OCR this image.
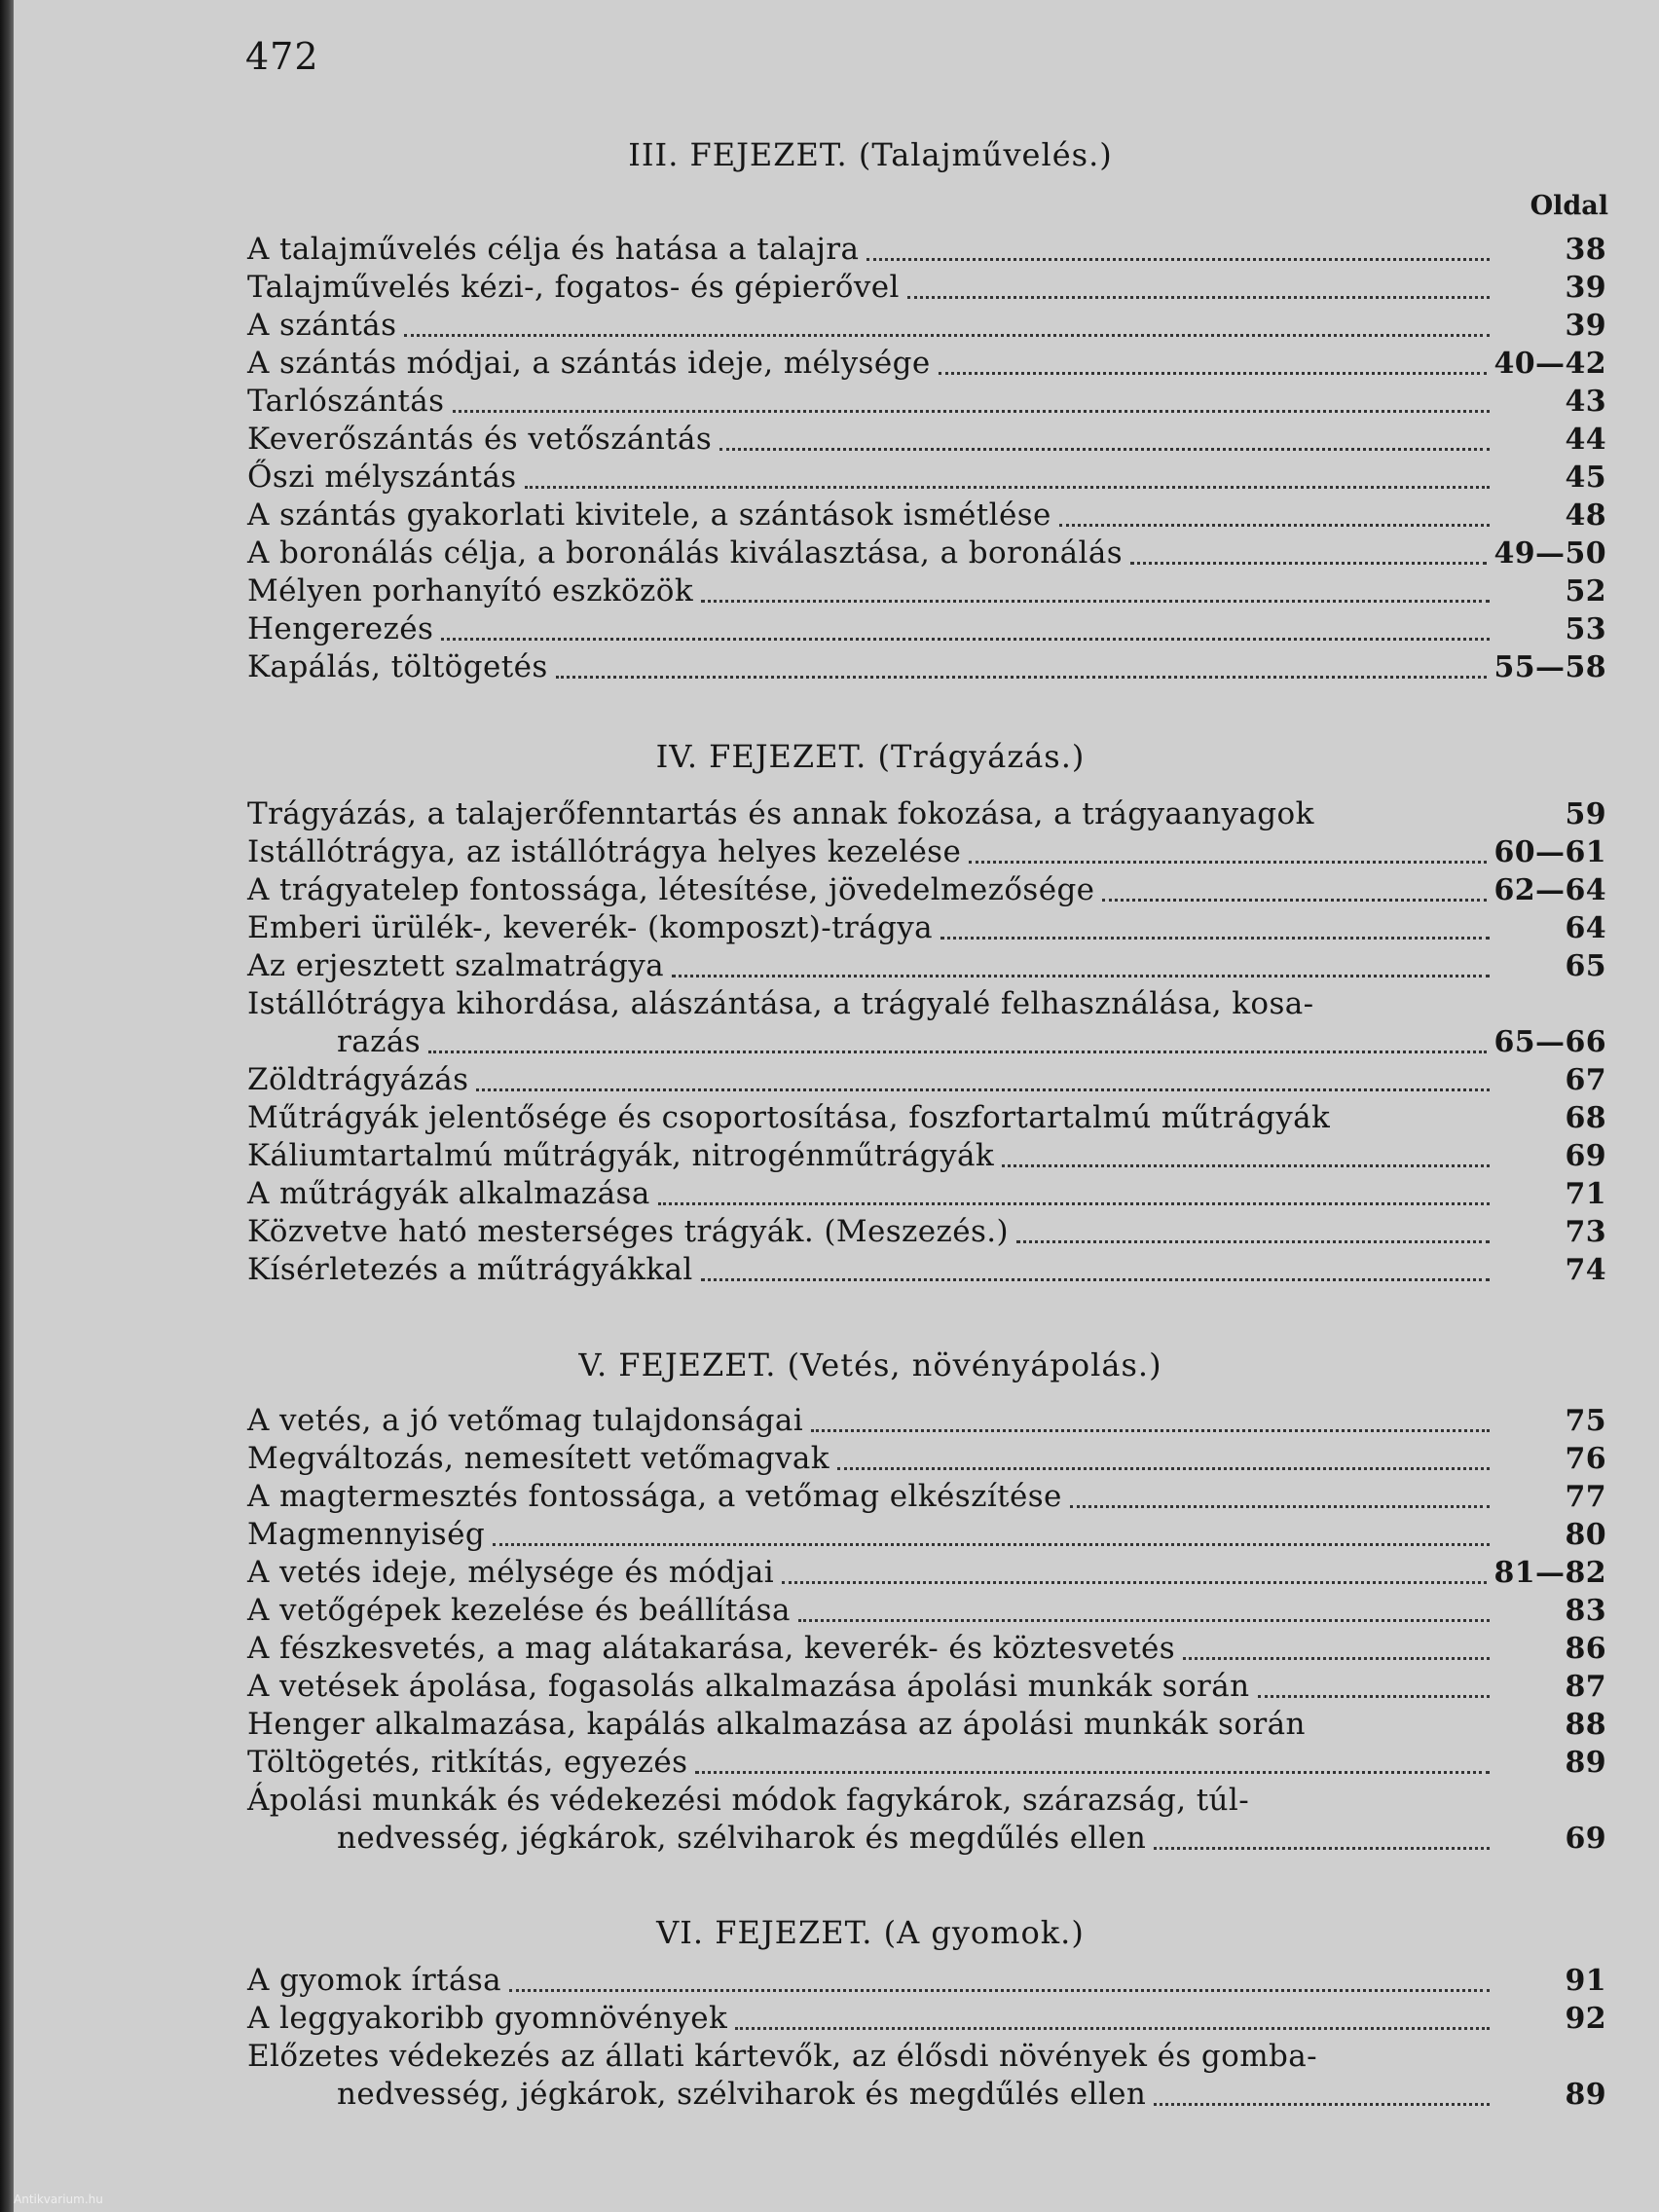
472
Oldal
III. FEJEZET. (Talajművelés.)
A talajművelés célja és hatása a talajra	38
Talajművelés kézi-, fogatos- és gépierővel	39
A szántás	39
A szántás módjai, a szántás ideje, mélysége	40—42
Tarlószántás	43
Keverőszántás és vetőszántás	44
Őszi mélyszántás	45
A szántás gyakorlati kivitele, a szántások ismétlése	48
A boronálás célja, a boronálás kiválasztása, a boronálás	49—50
Mélyen porhanyító eszközök	52
Hengerezés	53
Kapálás, töltögetés	55—58
IV. FEJEZET. (Trágyázás.)
Trágyázás, a talajerőfenntartás és annak fokozása, a trágyaanyagok	59
Istállótrágya, az istállótrágya helyes kezelése	60—61
A trágyatelep fontossága, létesítése, jövedelmezősége	62—64
Emberi ürülék-, keverék- (komposzt)-trágya	64
Az erjesztett szalmatrágya	65
Istállótrágya kihordása, alászántása, a trágyalé felhasználása, kosa-
razás	65—66
Zöldtrágyázás	67
Műtrágyák jelentősége és csoportosítása, foszfortartalmú műtrágyák	68
Káliumtartalmú műtrágyák, nitrogénműtrágyák	69
A műtrágyák alkalmazása	71
Közvetve ható mesterséges trágyák. (Meszezés.)	73
Kísérletezés a műtrágyákkal	74
V. FEJEZET. (Vetés, növényápolás.)
A vetés, a jó vetőmag tulajdonságai	75
Megváltozás, nemesített vetőmagvak	76
A magtermesztés fontossága, a vetőmag elkészítése	77
Magmennyiség	80
A vetés ideje, mélysége és módjai	81—82
A vetőgépek kezelése és beállítása	83
A fészkesvetés, a mag alátakarása, keverék- és köztesvetés	86
A vetések ápolása, fogasolás alkalmazása ápolási munkák során	87
Henger alkalmazása, kapálás alkalmazása az ápolási munkák során	88
Töltögetés, ritkítás, egyezés	89
Ápolási munkák és védekezési módok fagykárok, szárazság, túl-
nedvesség, jégkárok, szélviharok és megdűlés ellen	69
VI. FEJEZET. (A gyomok.)
A gyomok írtása	91
A leggyakoribb gyomnövények	92
Előzetes védekezés az állati kártevők, az élősdi növények és gomba-
nedvesség, jégkárok, szélviharok és megdűlés ellen	89
Antikvarium.hu
